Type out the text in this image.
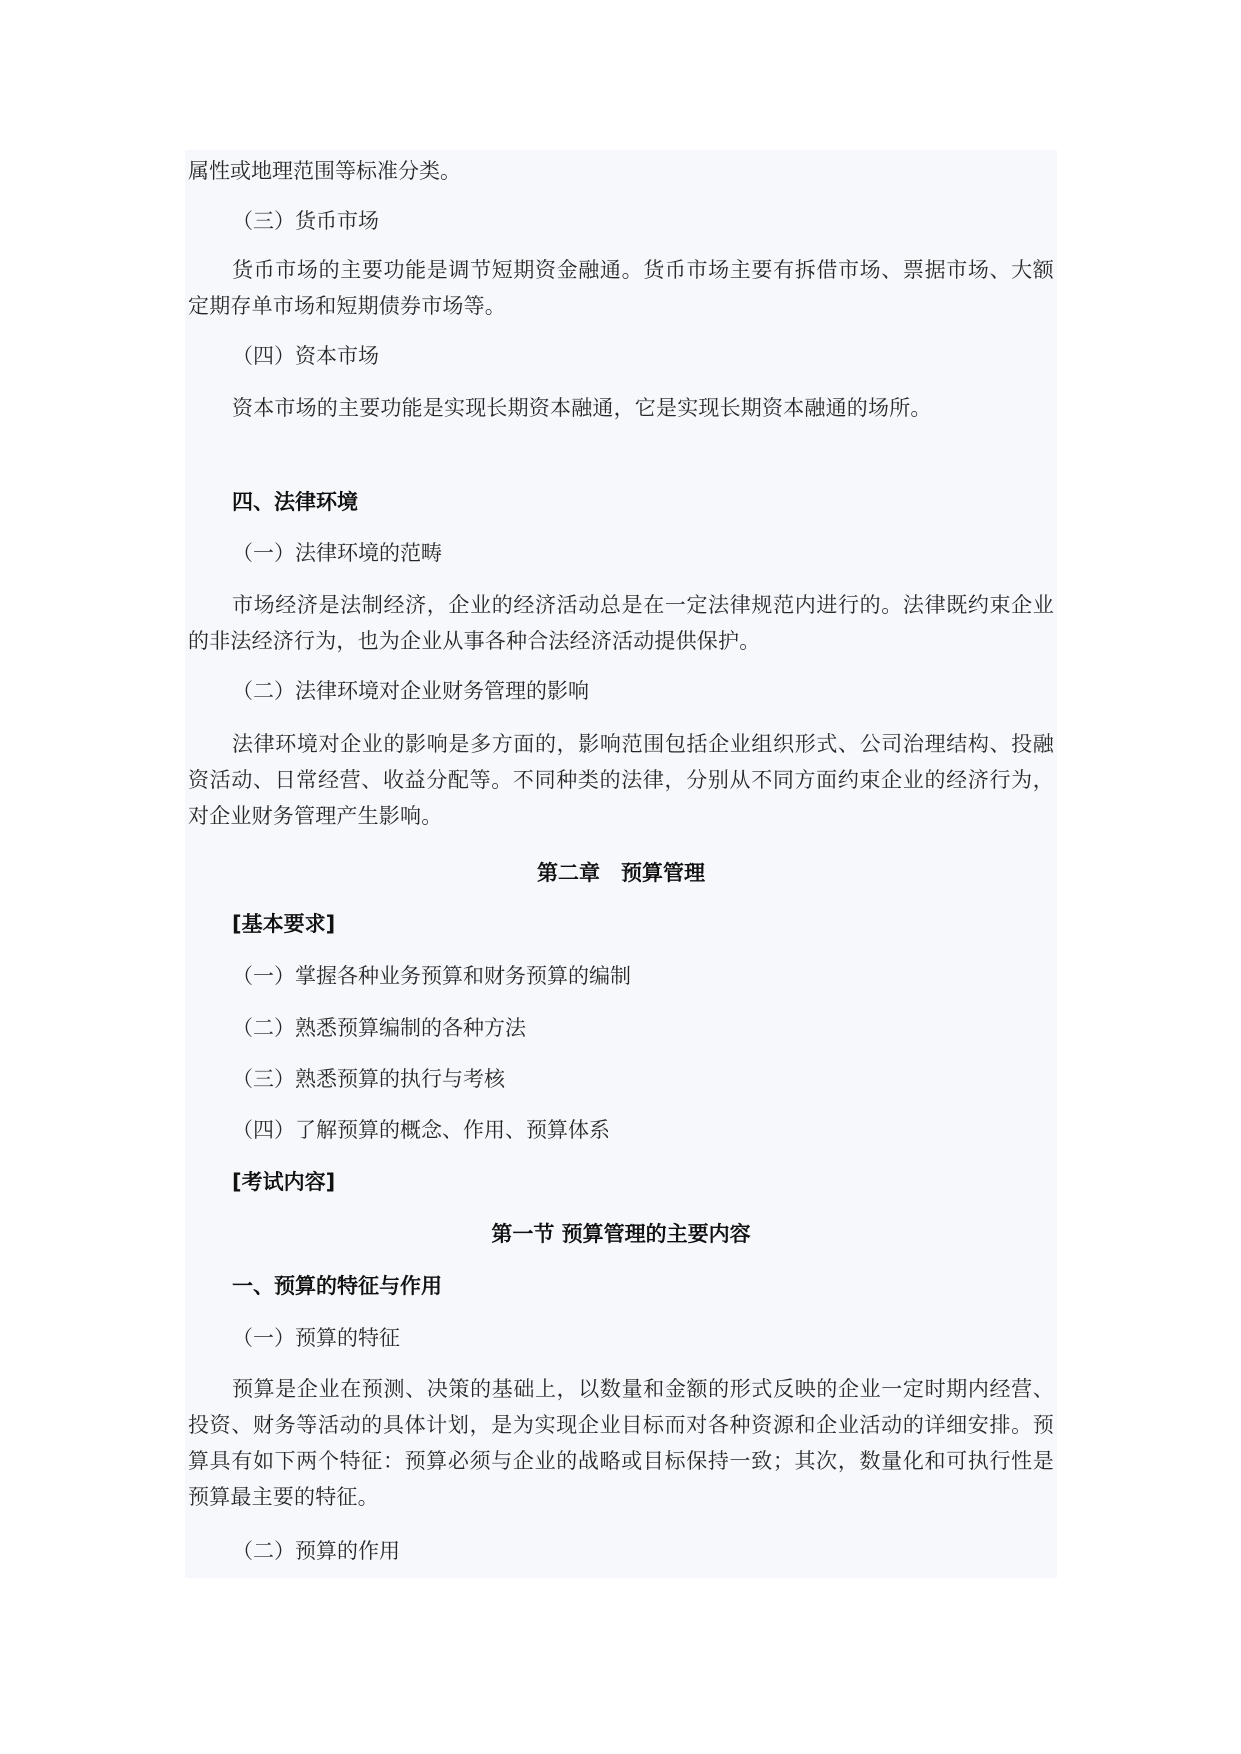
属性或地理范围等标准分类。
（三）货币市场
货币市场的主要功能是调节短期资金融通。货币市场主要有拆借市场、票据市场、大额定期存单市场和短期债券市场等。
（四）资本市场
资本市场的主要功能是实现长期资本融通，它是实现长期资本融通的场所。
四、法律环境
（一）法律环境的范畴
市场经济是法制经济，企业的经济活动总是在一定法律规范内进行的。法律既约束企业的非法经济行为，也为企业从事各种合法经济活动提供保护。
（二）法律环境对企业财务管理的影响
法律环境对企业的影响是多方面的，影响范围包括企业组织形式、公司治理结构、投融资活动、日常经营、收益分配等。不同种类的法律，分别从不同方面约束企业的经济行为，对企业财务管理产生影响。
第二章　预算管理
[基本要求]
（一）掌握各种业务预算和财务预算的编制
（二）熟悉预算编制的各种方法
（三）熟悉预算的执行与考核
（四）了解预算的概念、作用、预算体系
[考试内容]
第一节 预算管理的主要内容
一、预算的特征与作用
（一）预算的特征
预算是企业在预测、决策的基础上，以数量和金额的形式反映的企业一定时期内经营、投资、财务等活动的具体计划，是为实现企业目标而对各种资源和企业活动的详细安排。预算具有如下两个特征：预算必须与企业的战略或目标保持一致；其次，数量化和可执行性是预算最主要的特征。
（二）预算的作用
